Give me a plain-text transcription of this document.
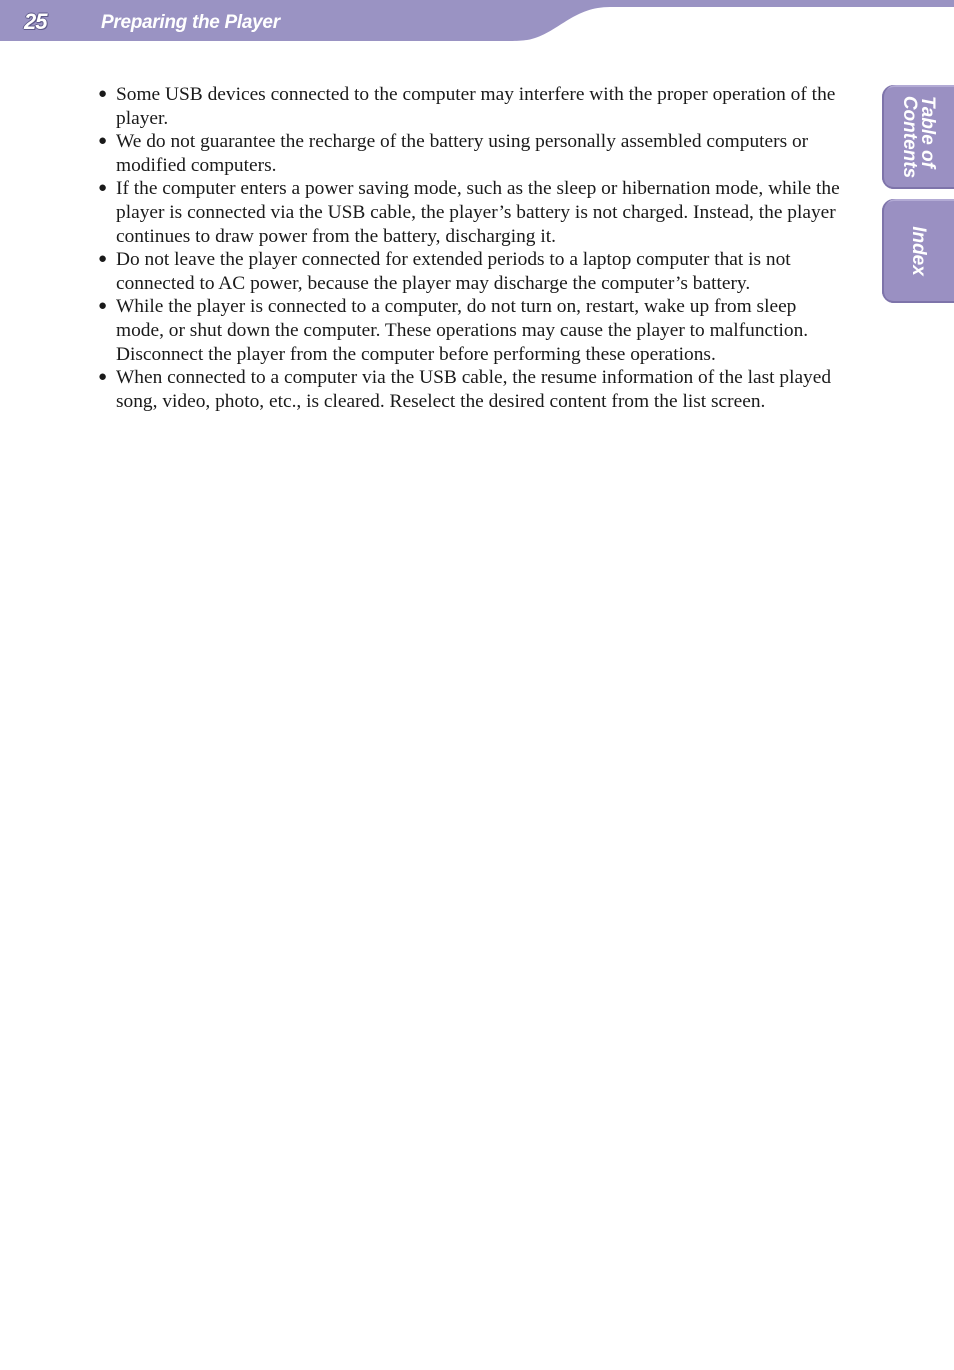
25	Preparing the Player
● Some USB devices connected to the computer may interfere with the proper operation of the player.
● We do not guarantee the recharge of the battery using personally assembled computers or modified computers.
● If the computer enters a power saving mode, such as the sleep or hibernation mode, while the player is connected via the USB cable, the player’s battery is not charged. Instead, the player continues to draw power from the battery, discharging it.
● Do not leave the player connected for extended periods to a laptop computer that is not connected to AC power, because the player may discharge the computer’s battery.
● While the player is connected to a computer, do not turn on, restart, wake up from sleep mode, or shut down the computer. These operations may cause the player to malfunction. Disconnect the player from the computer before performing these operations.
● When connected to a computer via the USB cable, the resume information of the last played song, video, photo, etc., is cleared. Reselect the desired content from the list screen.
Table of
Contents
Index
